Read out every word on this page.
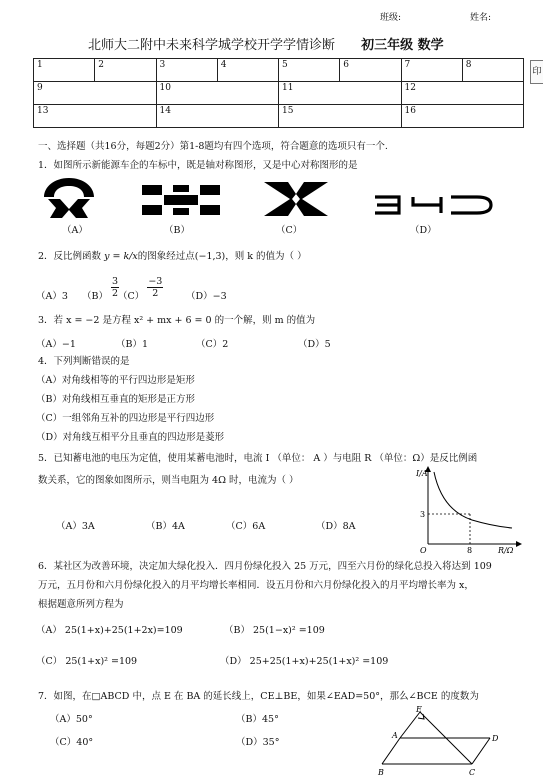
班级:	姓名:
北师大二附中未来科学城学校开学学情诊断 初三年级 数学
印
1	2	3	4	5	6	7	8
9		10		11		12	
13		14		15		16	
一、选择题（共16分，每题2分）第1-8题均有四个选项，符合题意的选项只有一个.
1．如图所示新能源车企的车标中，既是轴对称图形，又是中心对称图形的是
（A）	（B）	（C）	（D）
2．反比例函数 y = k/x的图象经过点(−1,3)，则 k 的值为（ ）
（A）3 $(B) \frac{3}{2}$
$(C) \frac{-3}{2} (D)-3$
3．若 x = −2 是方程 x² + mx + 6 = 0 的一个解，则 m 的值为
（A）−1	（B）1	（C）2	（D）5
4．下列判断错误的是
（A）对角线相等的平行四边形是矩形
（B）对角线相互垂直的矩形是正方形
（C）一组邻角互补的四边形是平行四边形
（D）对角线互相平分且垂直的四边形是菱形
5．已知蓄电池的电压为定值，使用某蓄电池时，电流 I （单位： A ）与电阻 R （单位：Ω）是反比例函
数关系，它的图象如图所示，则当电阻为 4Ω 时，电流为（ ）
（A）3A	（B）4A	（C）6A	（D）8A
I/A
3
O	8	R/Ω
6．某社区为改善环境，决定加大绿化投入．四月份绿化投入 25 万元，四至六月份的绿化总投入将达到 109
万元，五月份和六月份绿化投入的月平均增长率相同．设五月份和六月份绿化投入的月平均增长率为 x，
根据题意所列方程为
（A） 25(1+x)+25(1+2x)=109	（B） 25(1−x)² =109
（C） 25(1+x)² =109	（D） 25+25(1+x)+25(1+x)² =109
7．如图，在□ABCD 中，点 E 在 BA 的延长线上，CE⊥BE，如果∠EAD=50°，那么∠BCE 的度数为
（A）50°	（B）45°
（C）40°	（D）35°
E
A	D
B	C
